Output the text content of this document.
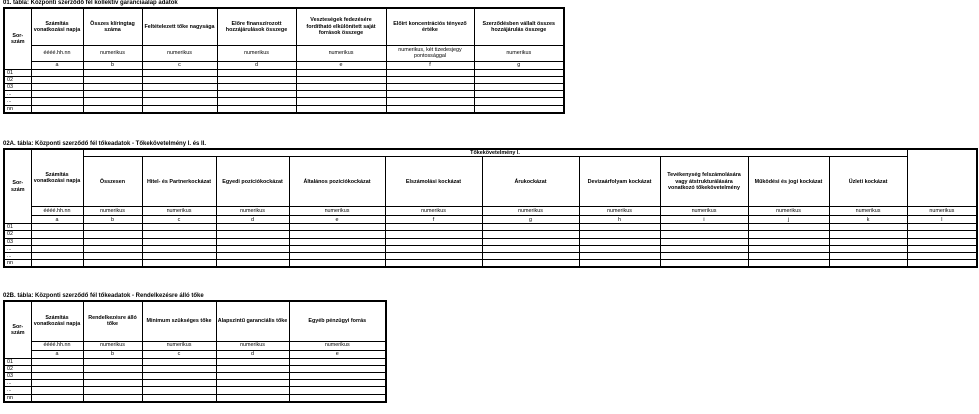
01. tábla: Központi szerződő fél kollektív garanciaalap adatok
Sor-szám	Számítás vonatkozási napja	Összes klíringtag száma	Feltételezett tőke nagysága	Előre finanszírozott hozzájárulások összege	Veszteségek fedezésére fordítható elkülönített saját források összege	Előírt koncentrációs tényező értéke	Szerződésben vállalt összes hozzájárulás összege
	éééé.hh.nn	numerikus	numerikus	numerikus	numerikus	numerikus, két tizedesjegy pontossággal	numerikus
	a	b	c	d	e	f	g
01							
02							
03							
...							
...							
nn							
02A. tábla: Központi szerződő fél tőkeadatok - Tőkekövetelmény I. és II.
Sor-szám	Számítás vonatkozási napja	Tőkekövetelmény I.										
		Összesen	Hitel- és Partnerkockázat	Egyedi pozíciókockázat	Általános pozíciókockázat	Elszámolási kockázat	Árukockázat	Devizaárfolyam kockázat	Tevékenység felszámolására vagy átstrukturálására vonatkozó tőkekövetelmény	Működési és jogi kockázat	Üzleti kockázat	
	éééé.hh.nn	numerikus	numerikus	numerikus	numerikus	numerikus	numerikus	numerikus	numerikus	numerikus	numerikus	numerikus
	a	b	c	d	e	f	g	h	i	j	k	l
01												
02												
03												
...												
...												
nn												
02B. tábla: Központi szerződő fél tőkeadatok - Rendelkezésre álló tőke
Sor-szám	Számítás vonatkozási napja	Rendelkezésre álló tőke	Minimum szükséges tőke	Alapszintű garanciális tőke	Egyéb pénzügyi forrás
	éééé.hh.nn	numerikus	numerikus	numerikus	numerikus
	a	b	c	d	e
01					
02					
03					
...					
...					
nn					
